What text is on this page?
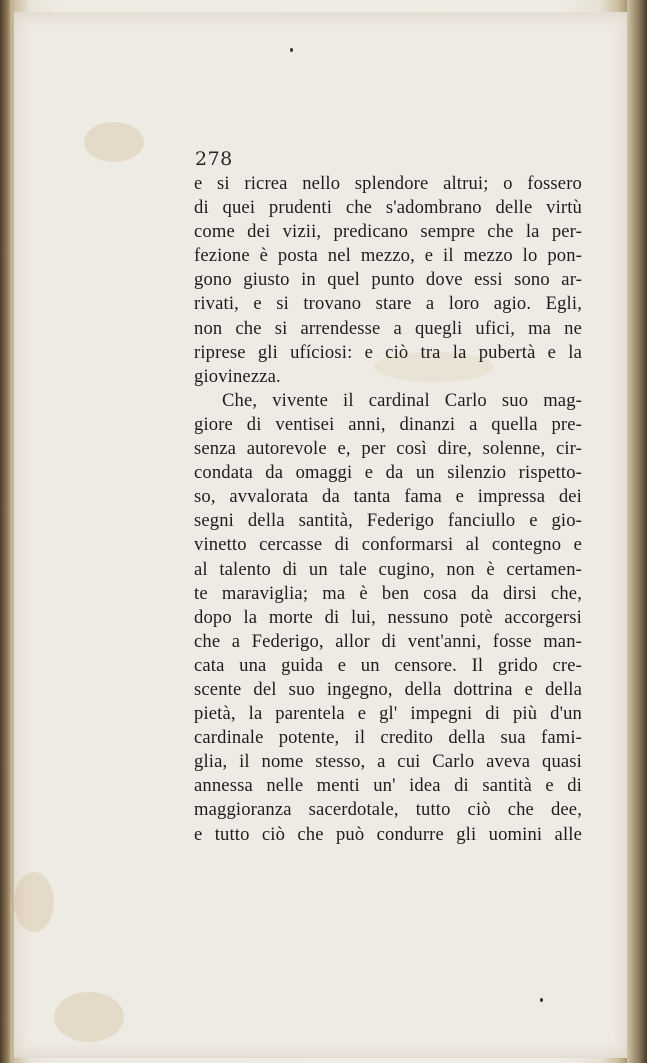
278
e si ricrea nello splendore altrui; o fossero
di quei prudenti che s'adombrano delle virtù
come dei vizii, predicano sempre che la per-
fezione è posta nel mezzo, e il mezzo lo pon-
gono giusto in quel punto dove essi sono ar-
rivati, e si trovano stare a loro agio. Egli,
non che si arrendesse a quegli ufici, ma ne
riprese gli ufíciosi: e ciò tra la pubertà e la
giovinezza.
Che, vivente il cardinal Carlo suo mag-
giore di ventisei anni, dinanzi a quella pre-
senza autorevole e, per così dire, solenne, cir-
condata da omaggi e da un silenzio rispetto-
so, avvalorata da tanta fama e impressa dei
segni della santità, Federigo fanciullo e gio-
vinetto cercasse di conformarsi al contegno e
al talento di un tale cugino, non è certamen-
te maraviglia; ma è ben cosa da dirsi che,
dopo la morte di lui, nessuno potè accorgersi
che a Federigo, allor di vent'anni, fosse man-
cata una guida e un censore. Il grido cre-
scente del suo ingegno, della dottrina e della
pietà, la parentela e gl' impegni di più d'un
cardinale potente, il credito della sua fami-
glia, il nome stesso, a cui Carlo aveva quasi
annessa nelle menti un' idea di santità e di
maggioranza sacerdotale, tutto ciò che dee,
e tutto ciò che può condurre gli uomini alle
